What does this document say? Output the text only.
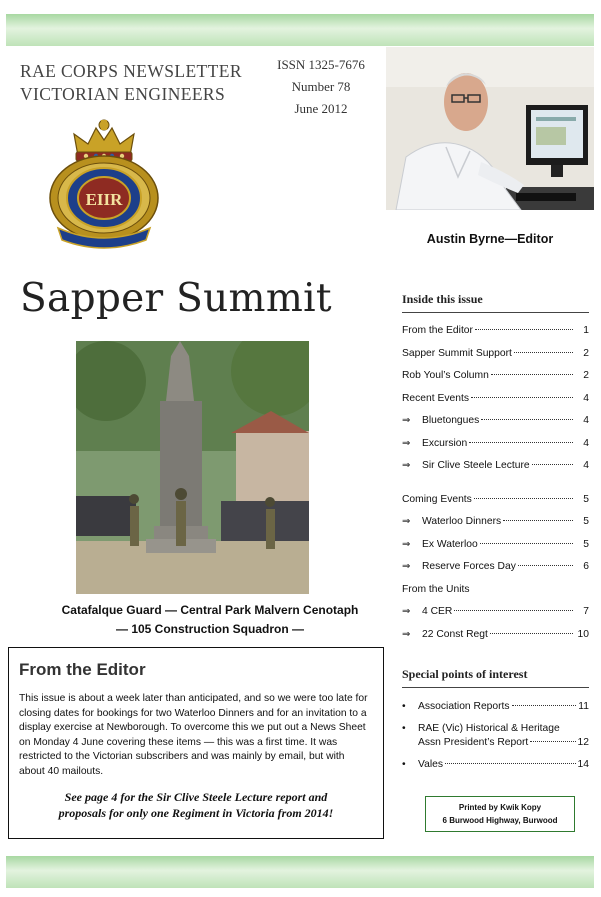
RAE CORPS NEWSLETTER
VICTORIAN ENGINEERS
ISSN 1325-7676
Number 78
June 2012
EIIR
Austin Byrne—Editor
Sapper Summit
Catafalque Guard — Central Park Malvern Cenotaph
— 105 Construction Squadron —
From the Editor

This issue is about a week later than anticipated, and so we were too late for closing dates for bookings for two Waterloo Dinners and for an invitation to a display exercise at Newborough. To overcome this we put out a News Sheet on Monday 4 June covering these items — this was a first time. It was restricted to the Victorian subscribers and was mainly by email, but with about 40 mailouts.

See page 4 for the Sir Clive Steele Lecture report and
proposals for only one Regiment in Victoria from 2014!

Inside this issue
From the Editor	1
Sapper Summit Support	2
Rob Youl’s Column	2
Recent Events	4
⇒	Bluetongues	4
⇒	Excursion	4
⇒	Sir Clive Steele Lecture	4
Coming Events	5
⇒	Waterloo Dinners	5
⇒	Ex Waterloo	5
⇒	Reserve Forces Day	6
From the Units
⇒	4 CER	7
⇒	22 Const Regt	10
Special points of interest
•	Association Reports	11
•	RAE (Vic) Historical & Heritage
Assn President’s Report	12
•	Vales	14
Printed by Kwik Kopy
6 Burwood Highway, Burwood
